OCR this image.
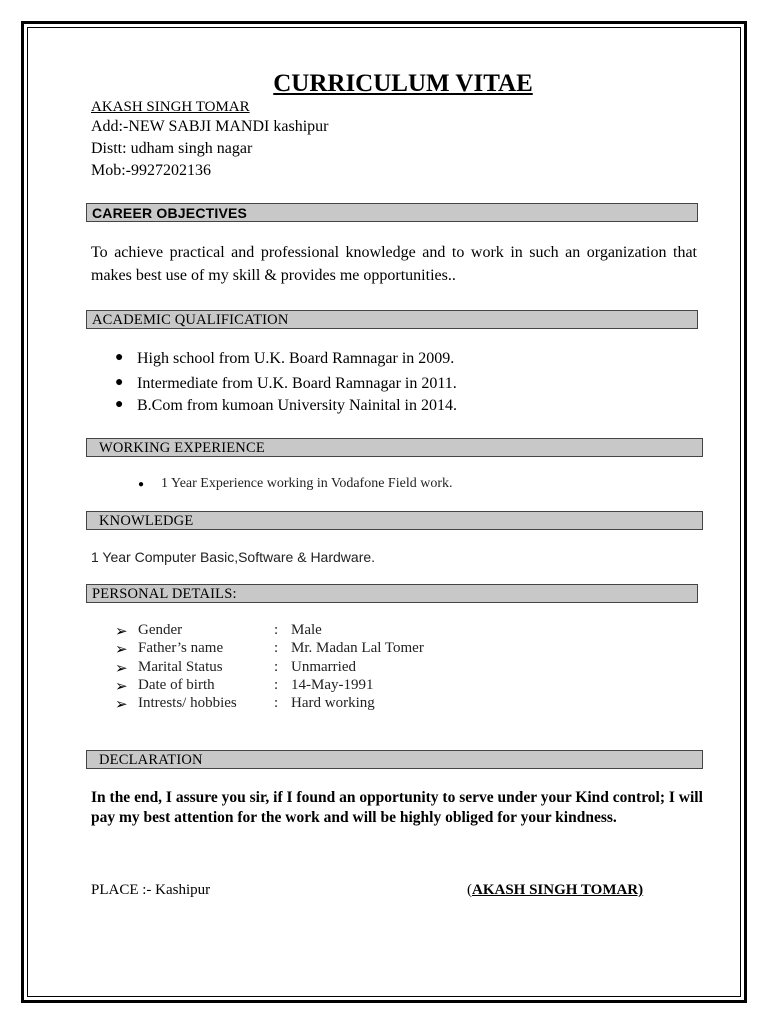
CURRICULUM VITAE
AKASH SINGH TOMAR
Add:-NEW SABJI MANDI kashipur
Distt: udham singh nagar
Mob:-9927202136
CAREER OBJECTIVES
To achieve practical and professional knowledge and to work in such an organization that makes best use of my skill & provides me opportunities..
ACADEMIC QUALIFICATION
● High school from U.K. Board Ramnagar in 2009.
● Intermediate from U.K. Board Ramnagar in 2011.
● B.Com from kumoan University Nainital in 2014.
WORKING EXPERIENCE
● 1 Year Experience working in Vodafone Field work.
KNOWLEDGE
1 Year Computer Basic,Software & Hardware.
PERSONAL DETAILS:
➢ Gender	: Male
➢ Father’s name	: Mr. Madan Lal Tomer
➢ Marital Status	: Unmarried
➢ Date of birth	: 14-May-1991
➢ Intrests/ hobbies : Hard working
DECLARATION
In the end, I assure you sir, if I found an opportunity to serve under your Kind control; I will pay my best attention for the work and will be highly obliged for your kindness.
PLACE :- Kashipur	(AKASH SINGH TOMAR)
